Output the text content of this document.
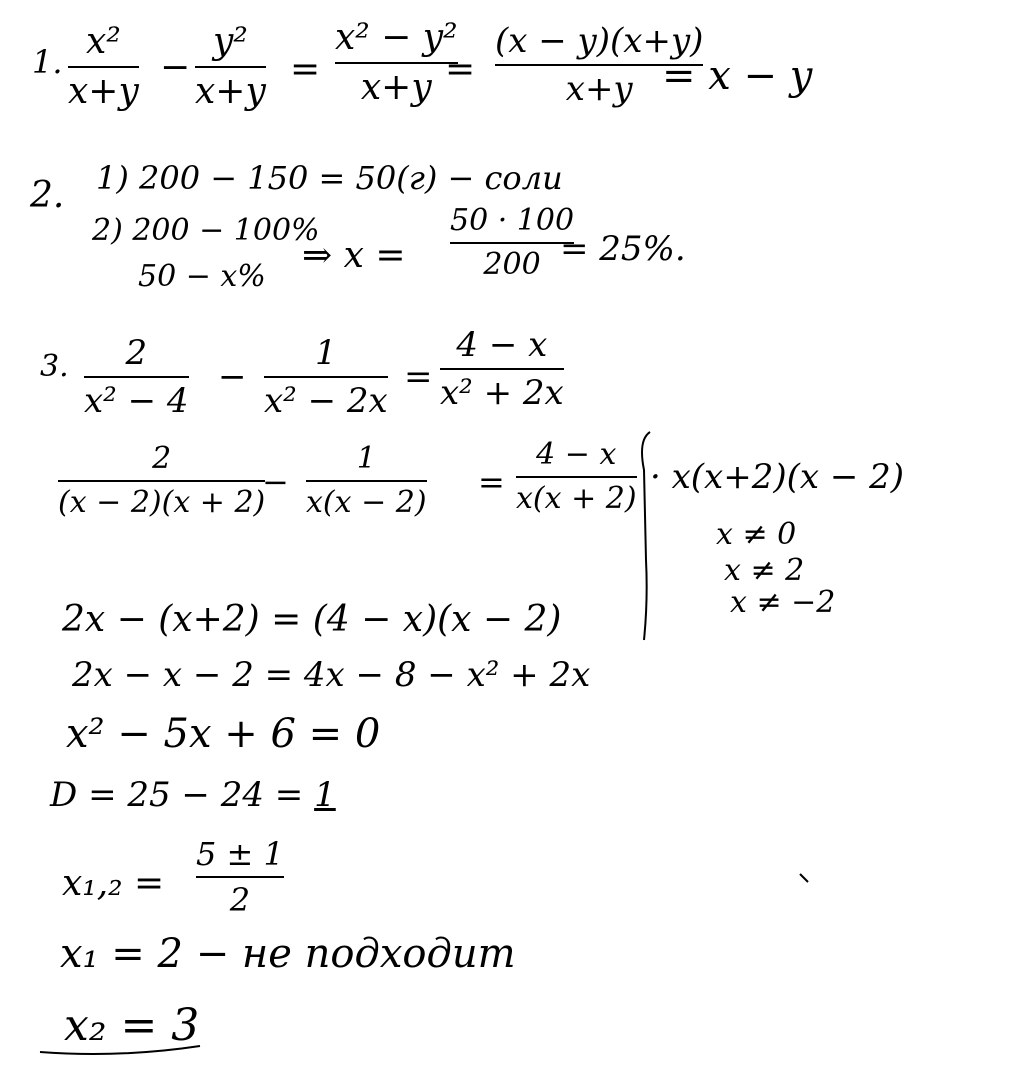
1. x²
x+y
−
y²
x+y
=
x² − y²
x+y =
(x − y)(x+y)
x+y = x − y
2. 1) 200 − 150 = 50(г) − соли
2) 200 − 100%
50 − x%
⇒ x =
50 · 100
200 = 25%.
3. 2
x² − 4
−
1
x² − 2x
=
4 − x
x² + 2x
2
(x − 2)(x + 2)
−
1
x(x − 2)
=
4 − x
x(x + 2)
· x(x+2)(x − 2)
x ≠ 0
x ≠ 2
x ≠ −2
2x − (x+2) = (4 − x)(x − 2)
2x − x − 2 = 4x − 8 − x² + 2x
x² − 5x + 6 = 0
D = 25 − 24 = 1
x₁,₂ =
5 ± 1
2
x₁ = 2 − не подходит
x₂ = 3
